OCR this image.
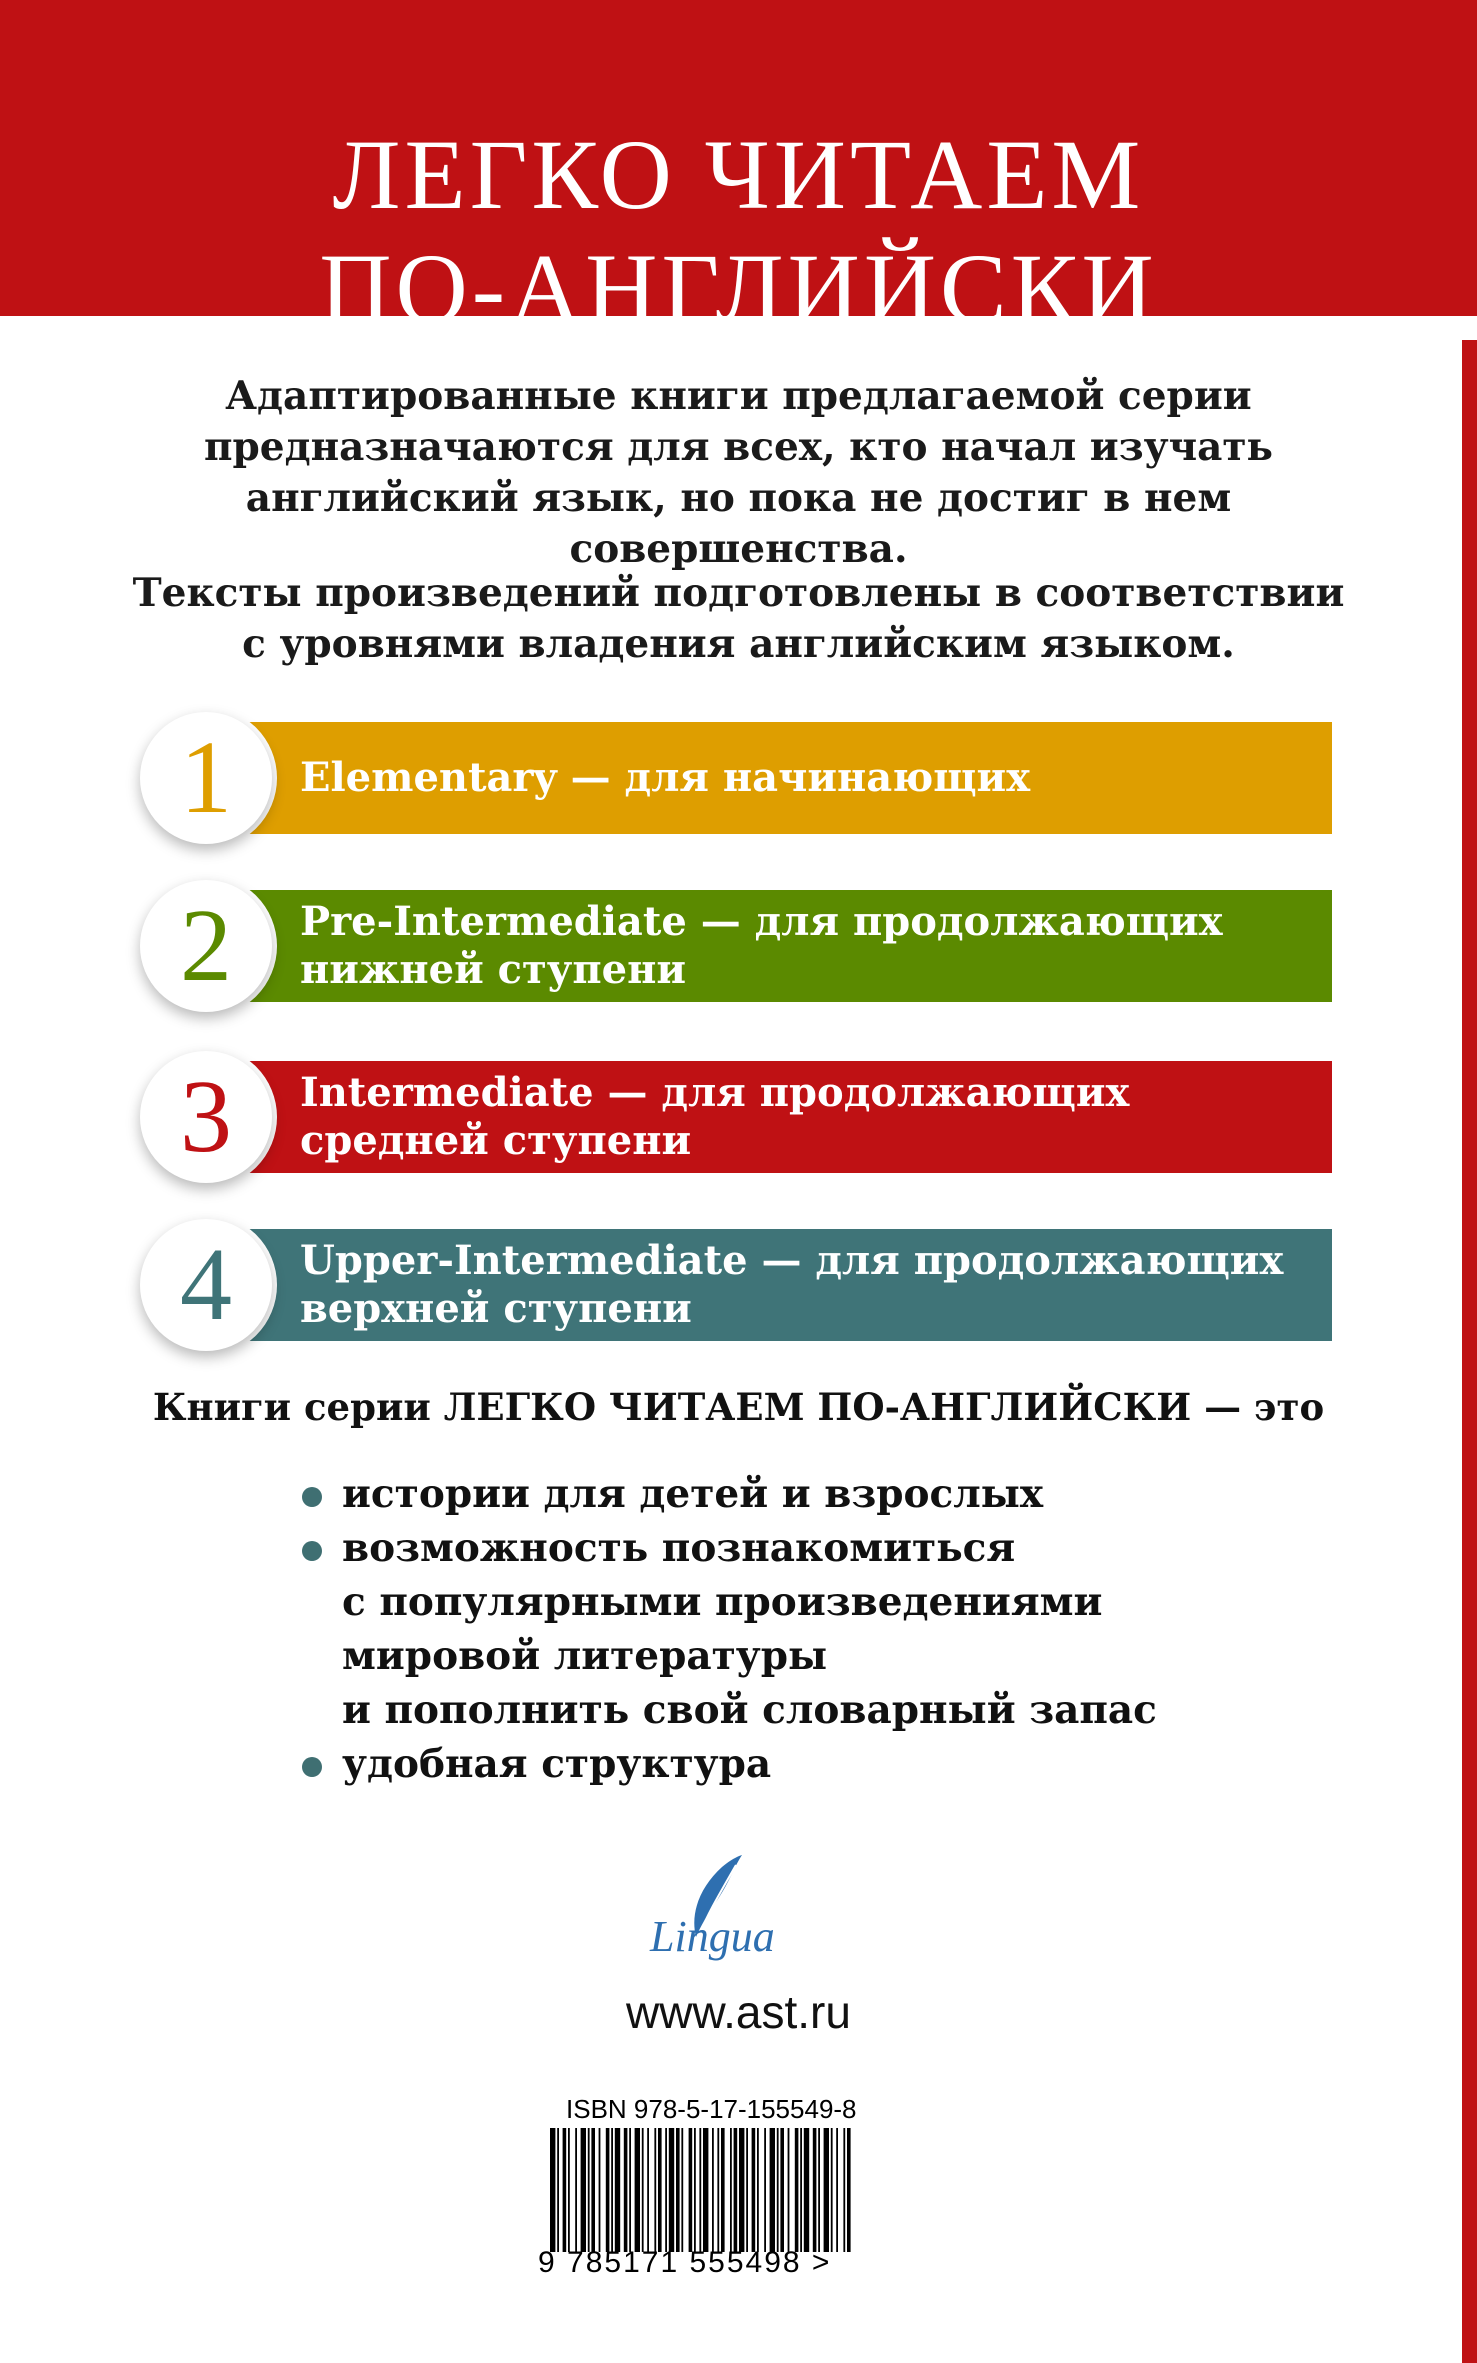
ЛЕГКО ЧИТАЕМ
ПО-АНГЛИЙСКИ

Адаптированные книги предлагаемой серии

предназначаются для всех, кто начал изучать

английский язык, но пока не достиг в нем

совершенства.

Тексты произведений подготовлены в соответствии

с уровнями владения английским языком.

1	Elementary — для начинающих
2	Pre-Intermediate — для продолжающих
нижней ступени
3	Intermediate — для продолжающих
средней ступени
4	Upper-Intermediate — для продолжающих
верхней ступени
Книги серии ЛЕГКО ЧИТАЕМ ПО-АНГЛИЙСКИ — это
истории для детей и взрослых
возможность познакомиться
с популярными произведениями
мировой литературы
и пополнить свой словарный запас
удобная структура
Lingua
www.ast.ru
ISBN 978-5-17-155549-8
9 785171 555498 >
